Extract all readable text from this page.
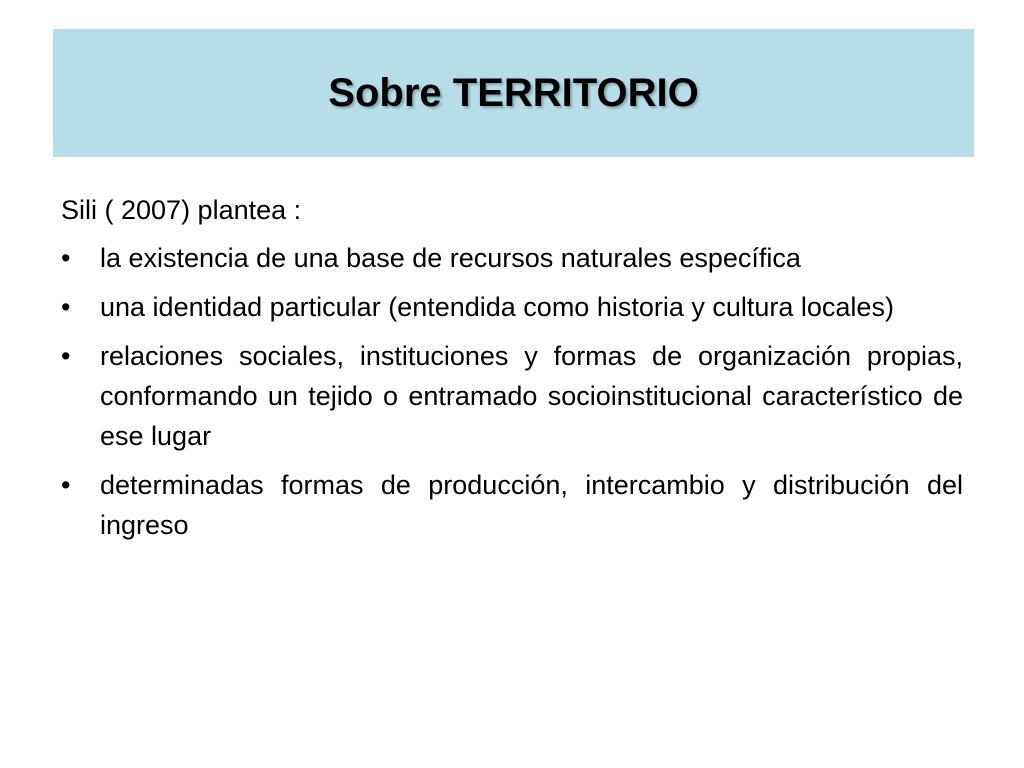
Sobre TERRITORIO

Sili ( 2007) plantea :

•	la existencia de una base de recursos naturales específica
•	una identidad particular (entendida como historia y cultura locales)
•	relaciones sociales, instituciones y formas de organización propias, conformando un tejido o entramado socioinstitucional característico de ese lugar
•	determinadas formas de producción, intercambio y distribución del ingreso
